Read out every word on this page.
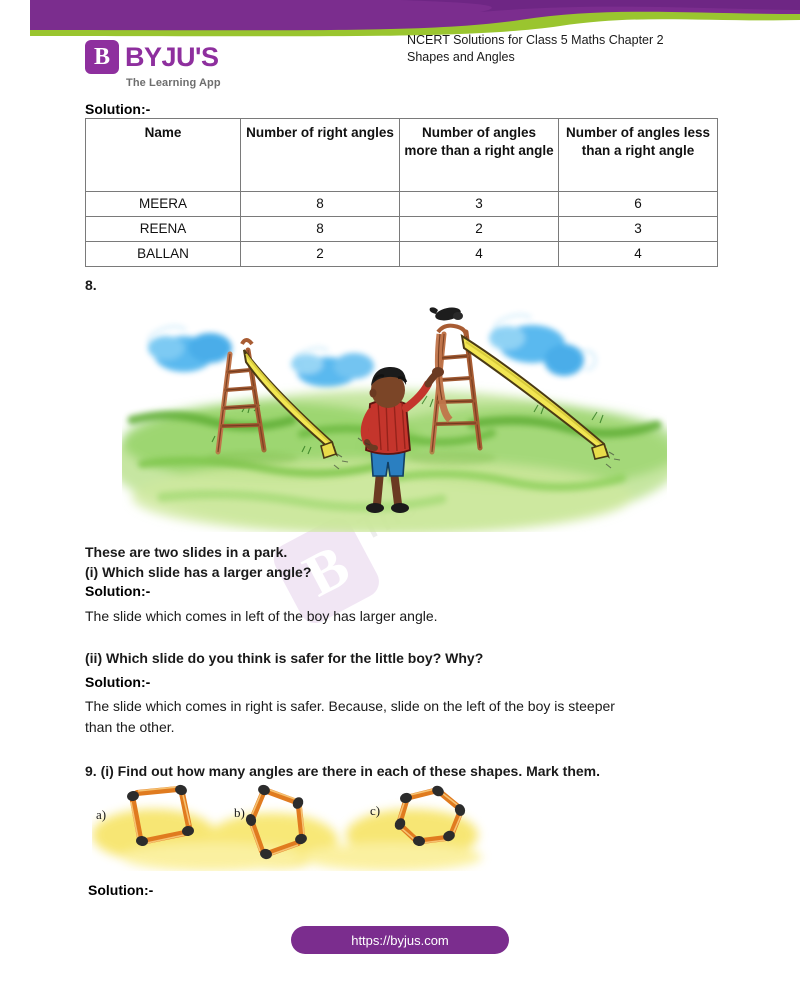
B BYJU'S
The Learning App
NCERT Solutions for Class 5 Maths Chapter 2
Shapes and Angles
B
Solution:-
Name	Number of right angles	Number of angles more than a right angle	Number of angles less than a right angle
MEERA	8	3	6
REENA	8	2	3
BALLAN	2	4	4
8.
These are two slides in a park.
(i) Which slide has a larger angle?
Solution:-
The slide which comes in left of the boy has larger angle.
(ii) Which slide do you think is safer for the little boy? Why?
Solution:-
The slide which comes in right is safer. Because, slide on the left of the boy is steeper
than the other.
9. (i) Find out how many angles are there in each of these shapes. Mark them.
a)	b)	c)
Solution:-
https://byjus.com
